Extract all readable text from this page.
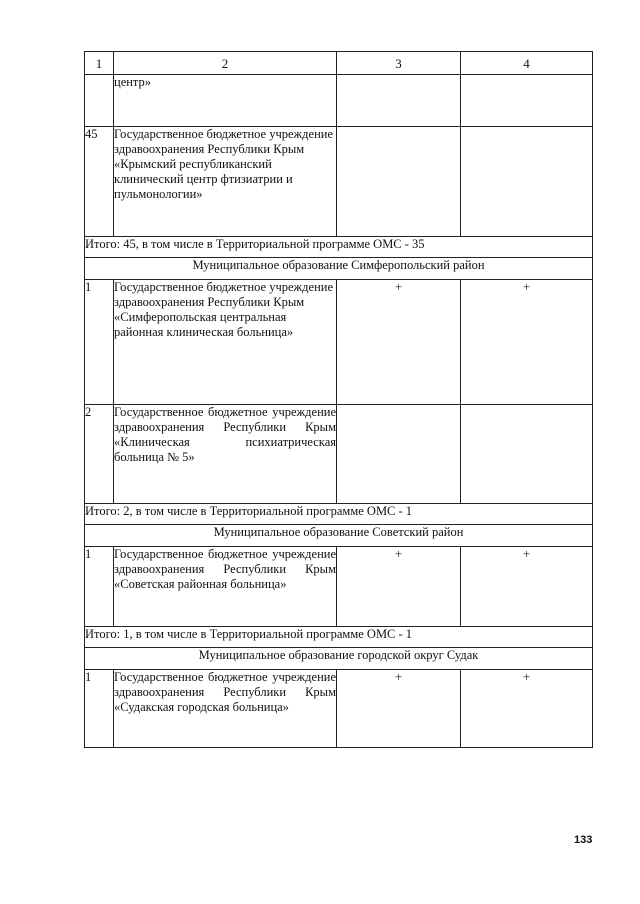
1	2	3	4
	центр»		
45	Государственное бюджетное учреждение здравоохранения Республики Крым «Крымский республиканский клинический центр фтизиатрии и пульмонологии»		
Итого: 45, в том числе в Территориальной программе ОМС - 35			
Муниципальное образование Симферопольский район			
1	Государственное бюджетное учреждение здравоохранения Республики Крым «Симферопольская центральная районная клиническая больница»	+	+
2	Государственное бюджетное учреждение здравоохранения Республики Крым «Клиническая психиатрическая больница № 5»		
Итого: 2, в том числе в Территориальной программе ОМС - 1			
Муниципальное образование Советский район			
1	Государственное бюджетное учреждение здравоохранения Республики Крым «Советская районная больница»	+	+
Итого: 1, в том числе в Территориальной программе ОМС - 1			
Муниципальное образование городской округ Судак			
1	Государственное бюджетное учреждение здравоохранения Республики Крым «Судакская городская больница»	+	+
133
